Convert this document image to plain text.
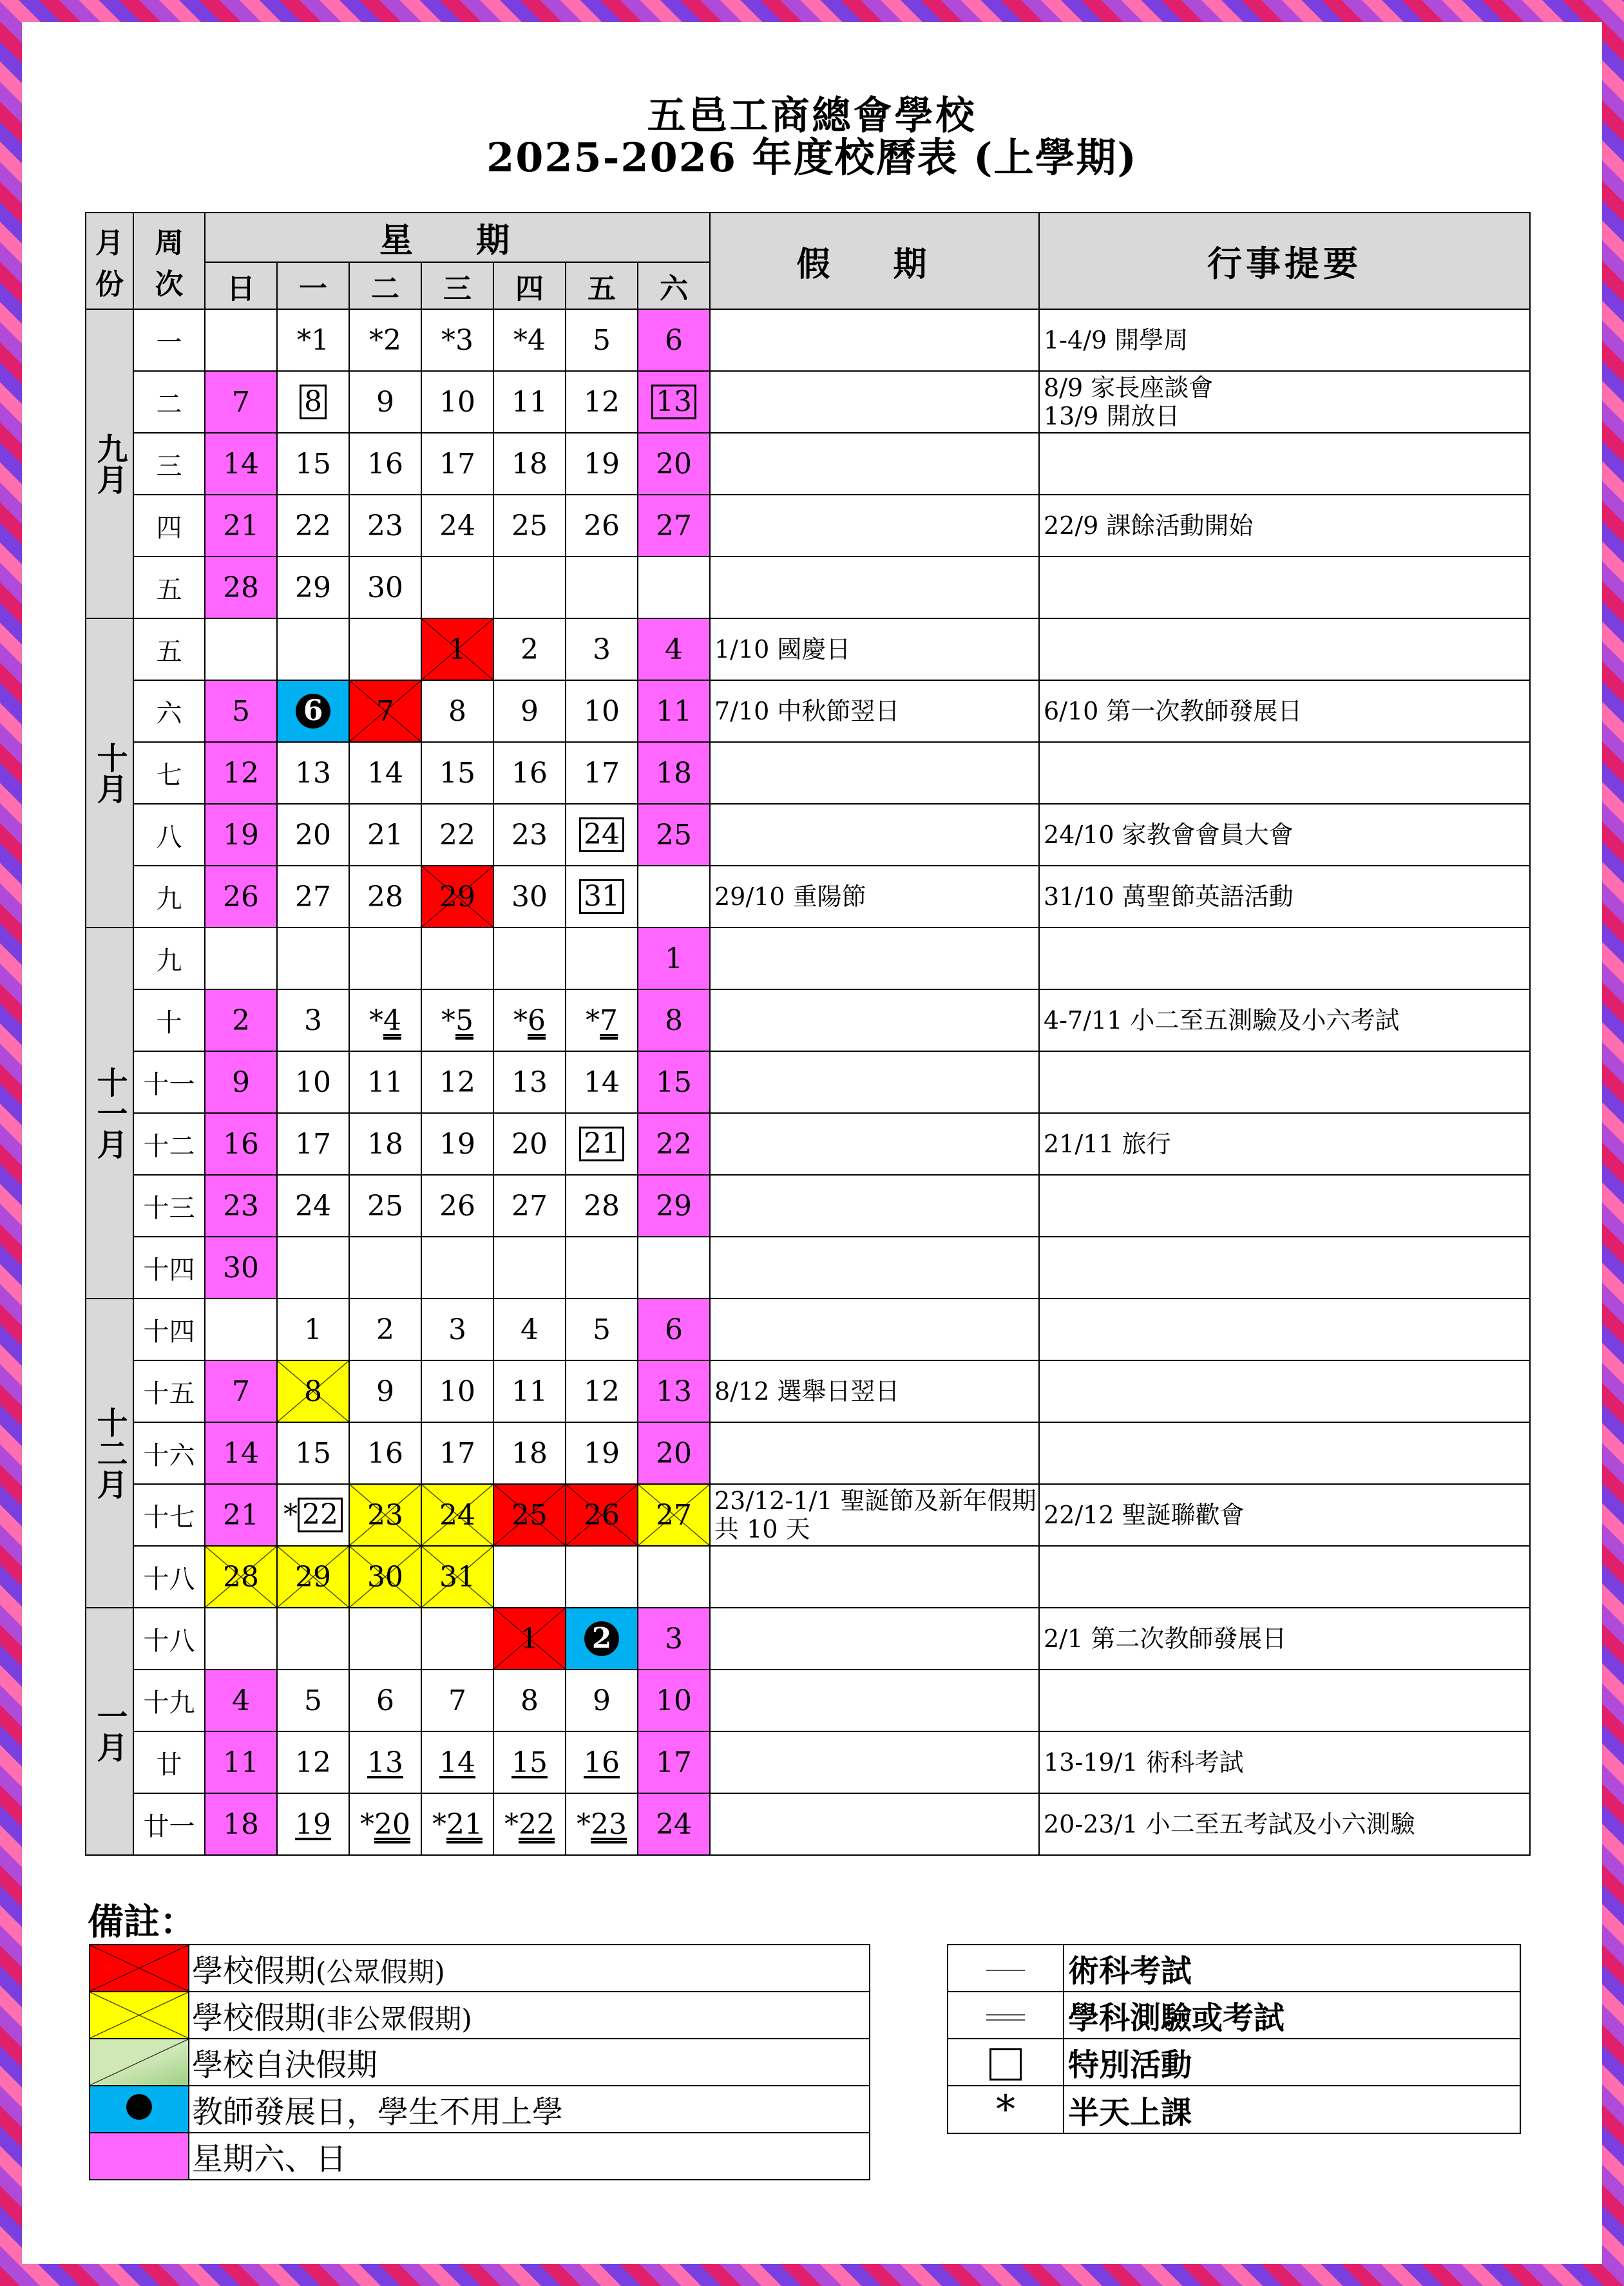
五邑工商總會學校
2025-2026 年度校曆表 (上學期)
月
份	周
次	星 期							假 期	行事提要
		日	一	二	三	四	五	六		
九月	一		*1	*2	*3	*4	5	6		1-4/9 開學周
	二	7	8	9	10	11	12	13		8/9 家長座談會
13/9 開放日
	三	14	15	16	17	18	19	20		
	四	21	22	23	24	25	26	27		22/9 課餘活動開始
	五	28	29	30						
十月	五				1	2	3	4	1/10 國慶日	
	六	5	6	7	8	9	10	11	7/10 中秋節翌日	6/10 第一次教師發展日
	七	12	13	14	15	16	17	18		
	八	19	20	21	22	23	24	25		24/10 家教會會員大會
	九	26	27	28	29	30	31		29/10 重陽節	31/10 萬聖節英語活動
十一月	九							1		
	十	2	3	*4	*5	*6	*7	8		4-7/11 小二至五測驗及小六考試
	十一	9	10	11	12	13	14	15		
	十二	16	17	18	19	20	21	22		21/11 旅行
	十三	23	24	25	26	27	28	29		
	十四	30								
十二月	十四		1	2	3	4	5	6		
	十五	7	8	9	10	11	12	13	8/12 選舉日翌日	
	十六	14	15	16	17	18	19	20		
	十七	21	* 22	23	24	25	26	27	23/12-1/1 聖誕節及新年假期共 10 天	22/12 聖誕聯歡會
	十八	28	29	30	31					
一月	十八					1	2	3		2/1 第二次教師發展日
	十九	4	5	6	7	8	9	10		
	廿	11	12	13	14	15	16	17		13-19/1 術科考試
	廿一	18	19	*20	*21	*22	*23	24		20-23/1 小二至五考試及小六測驗
備註：
	學校假期(公眾假期)
	學校假期(非公眾假期)
	學校自決假期
	教師發展日，學生不用上學
	星期六、日
	術科考試
	學科測驗或考試
	特別活動
*	半天上課
